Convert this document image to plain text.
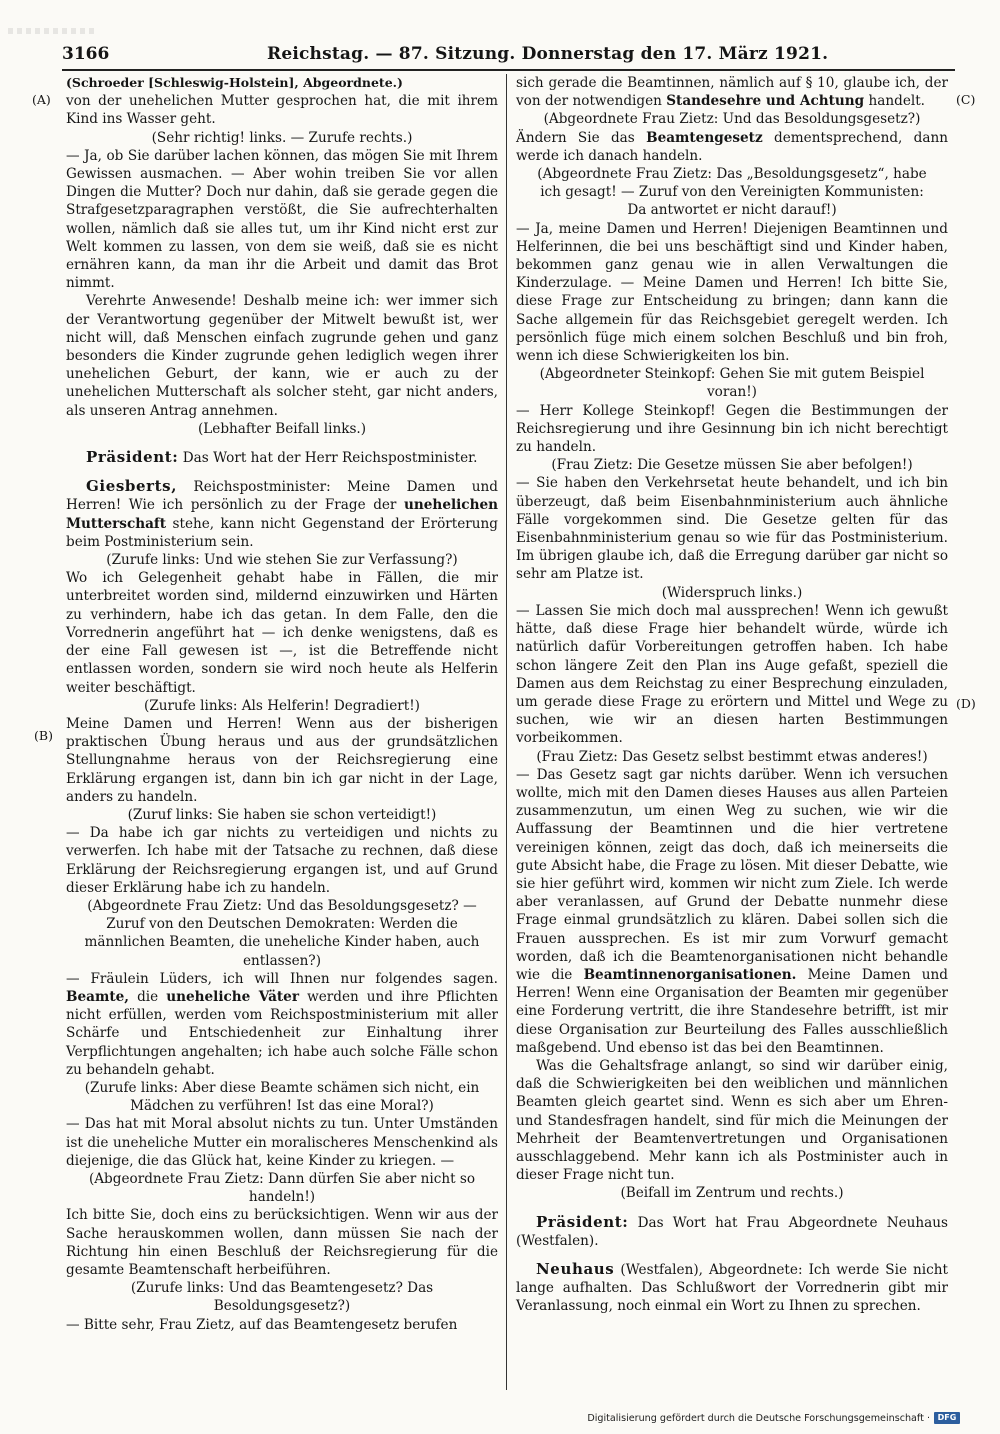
3166	Reichstag. — 87. Sitzung. Donnerstag den 17. März 1921.
(A)
(B)
(C)
(D)

(Schroeder [Schleswig-Holstein], Abgeordnete.)

von der unehelichen Mutter gesprochen hat, die mit ihrem Kind ins Wasser geht.

(Sehr richtig! links. — Zurufe rechts.)

— Ja, ob Sie darüber lachen können, das mögen Sie mit Ihrem Gewissen ausmachen. — Aber wohin treiben Sie vor allen Dingen die Mutter? Doch nur dahin, daß sie gerade gegen die Strafgesetzparagraphen verstößt, die Sie aufrechterhalten wollen, nämlich daß sie alles tut, um ihr Kind nicht erst zur Welt kommen zu lassen, von dem sie weiß, daß sie es nicht ernähren kann, da man ihr die Arbeit und damit das Brot nimmt.

Verehrte Anwesende! Deshalb meine ich: wer immer sich der Verantwortung gegenüber der Mitwelt bewußt ist, wer nicht will, daß Menschen einfach zugrunde gehen und ganz besonders die Kinder zugrunde gehen lediglich wegen ihrer unehelichen Geburt, der kann, wie er auch zu der unehelichen Mutterschaft als solcher steht, gar nicht anders, als unseren Antrag annehmen.

(Lebhafter Beifall links.)

Präsident: Das Wort hat der Herr Reichspostminister.

Giesberts, Reichspostminister: Meine Damen und Herren! Wie ich persönlich zu der Frage der unehelichen Mutterschaft stehe, kann nicht Gegenstand der Erörterung beim Postministerium sein.

(Zurufe links: Und wie stehen Sie zur Verfassung?)

Wo ich Gelegenheit gehabt habe in Fällen, die mir unterbreitet worden sind, mildernd einzuwirken und Härten zu verhindern, habe ich das getan. In dem Falle, den die Vorrednerin angeführt hat — ich denke wenigstens, daß es der eine Fall gewesen ist —, ist die Betreffende nicht entlassen worden, sondern sie wird noch heute als Helferin weiter beschäftigt.

(Zurufe links: Als Helferin! Degradiert!)

Meine Damen und Herren! Wenn aus der bisherigen praktischen Übung heraus und aus der grundsätzlichen Stellungnahme heraus von der Reichsregierung eine Erklärung ergangen ist, dann bin ich gar nicht in der Lage, anders zu handeln.

(Zuruf links: Sie haben sie schon verteidigt!)

— Da habe ich gar nichts zu verteidigen und nichts zu verwerfen. Ich habe mit der Tatsache zu rechnen, daß diese Erklärung der Reichsregierung ergangen ist, und auf Grund dieser Erklärung habe ich zu handeln.

(Abgeordnete Frau Zietz: Und das Besoldungsgesetz? — Zuruf von den Deutschen Demokraten: Werden die männlichen Beamten, die uneheliche Kinder haben, auch entlassen?)

— Fräulein Lüders, ich will Ihnen nur folgendes sagen. Beamte, die uneheliche Väter werden und ihre Pflichten nicht erfüllen, werden vom Reichspostministerium mit aller Schärfe und Entschiedenheit zur Einhaltung ihrer Verpflichtungen angehalten; ich habe auch solche Fälle schon zu behandeln gehabt.

(Zurufe links: Aber diese Beamte schämen sich nicht, ein Mädchen zu verführen! Ist das eine Moral?)

— Das hat mit Moral absolut nichts zu tun. Unter Umständen ist die uneheliche Mutter ein moralischeres Menschenkind als diejenige, die das Glück hat, keine Kinder zu kriegen. —

(Abgeordnete Frau Zietz: Dann dürfen Sie aber nicht so handeln!)

Ich bitte Sie, doch eins zu berücksichtigen. Wenn wir aus der Sache herauskommen wollen, dann müssen Sie nach der Richtung hin einen Beschluß der Reichsregierung für die gesamte Beamtenschaft herbeiführen.

(Zurufe links: Und das Beamtengesetz? Das Besoldungsgesetz?)

— Bitte sehr, Frau Zietz, auf das Beamtengesetz berufen

sich gerade die Beamtinnen, nämlich auf § 10, glaube ich, der von der notwendigen Standesehre und Achtung handelt.

(Abgeordnete Frau Zietz: Und das Besoldungsgesetz?)

Ändern Sie das Beamtengesetz dementsprechend, dann werde ich danach handeln.

(Abgeordnete Frau Zietz: Das „Besoldungsgesetz“, habe ich gesagt! — Zuruf von den Vereinigten Kommunisten: Da antwortet er nicht darauf!)

— Ja, meine Damen und Herren! Diejenigen Beamtinnen und Helferinnen, die bei uns beschäftigt sind und Kinder haben, bekommen ganz genau wie in allen Verwaltungen die Kinderzulage. — Meine Damen und Herren! Ich bitte Sie, diese Frage zur Entscheidung zu bringen; dann kann die Sache allgemein für das Reichsgebiet geregelt werden. Ich persönlich füge mich einem solchen Beschluß und bin froh, wenn ich diese Schwierigkeiten los bin.

(Abgeordneter Steinkopf: Gehen Sie mit gutem Beispiel voran!)

— Herr Kollege Steinkopf! Gegen die Bestimmungen der Reichsregierung und ihre Gesinnung bin ich nicht berechtigt zu handeln.

(Frau Zietz: Die Gesetze müssen Sie aber befolgen!)

— Sie haben den Verkehrsetat heute behandelt, und ich bin überzeugt, daß beim Eisenbahnministerium auch ähnliche Fälle vorgekommen sind. Die Gesetze gelten für das Eisenbahnministerium genau so wie für das Postministerium. Im übrigen glaube ich, daß die Erregung darüber gar nicht so sehr am Platze ist.

(Widerspruch links.)

— Lassen Sie mich doch mal aussprechen! Wenn ich gewußt hätte, daß diese Frage hier behandelt würde, würde ich natürlich dafür Vorbereitungen getroffen haben. Ich habe schon längere Zeit den Plan ins Auge gefaßt, speziell die Damen aus dem Reichstag zu einer Besprechung einzuladen, um gerade diese Frage zu erörtern und Mittel und Wege zu suchen, wie wir an diesen harten Bestimmungen vorbeikommen.

(Frau Zietz: Das Gesetz selbst bestimmt etwas anderes!)

— Das Gesetz sagt gar nichts darüber. Wenn ich versuchen wollte, mich mit den Damen dieses Hauses aus allen Parteien zusammenzutun, um einen Weg zu suchen, wie wir die Auffassung der Beamtinnen und die hier vertretene vereinigen können, zeigt das doch, daß ich meinerseits die gute Absicht habe, die Frage zu lösen. Mit dieser Debatte, wie sie hier geführt wird, kommen wir nicht zum Ziele. Ich werde aber veranlassen, auf Grund der Debatte nunmehr diese Frage einmal grundsätzlich zu klären. Dabei sollen sich die Frauen aussprechen. Es ist mir zum Vorwurf gemacht worden, daß ich die Beamtenorganisationen nicht behandle wie die Beamtinnenorganisationen. Meine Damen und Herren! Wenn eine Organisation der Beamten mir gegenüber eine Forderung vertritt, die ihre Standesehre betrifft, ist mir diese Organisation zur Beurteilung des Falles ausschließlich maßgebend. Und ebenso ist das bei den Beamtinnen.

Was die Gehaltsfrage anlangt, so sind wir darüber einig, daß die Schwierigkeiten bei den weiblichen und männlichen Beamten gleich geartet sind. Wenn es sich aber um Ehren- und Standesfragen handelt, sind für mich die Meinungen der Mehrheit der Beamtenvertretungen und Organisationen ausschlaggebend. Mehr kann ich als Postminister auch in dieser Frage nicht tun.

(Beifall im Zentrum und rechts.)

Präsident: Das Wort hat Frau Abgeordnete Neuhaus (Westfalen).

Neuhaus (Westfalen), Abgeordnete: Ich werde Sie nicht lange aufhalten. Das Schlußwort der Vorrednerin gibt mir Veranlassung, noch einmal ein Wort zu Ihnen zu sprechen.

Digitalisierung gefördert durch die Deutsche Forschungsgemeinschaft · DFG
